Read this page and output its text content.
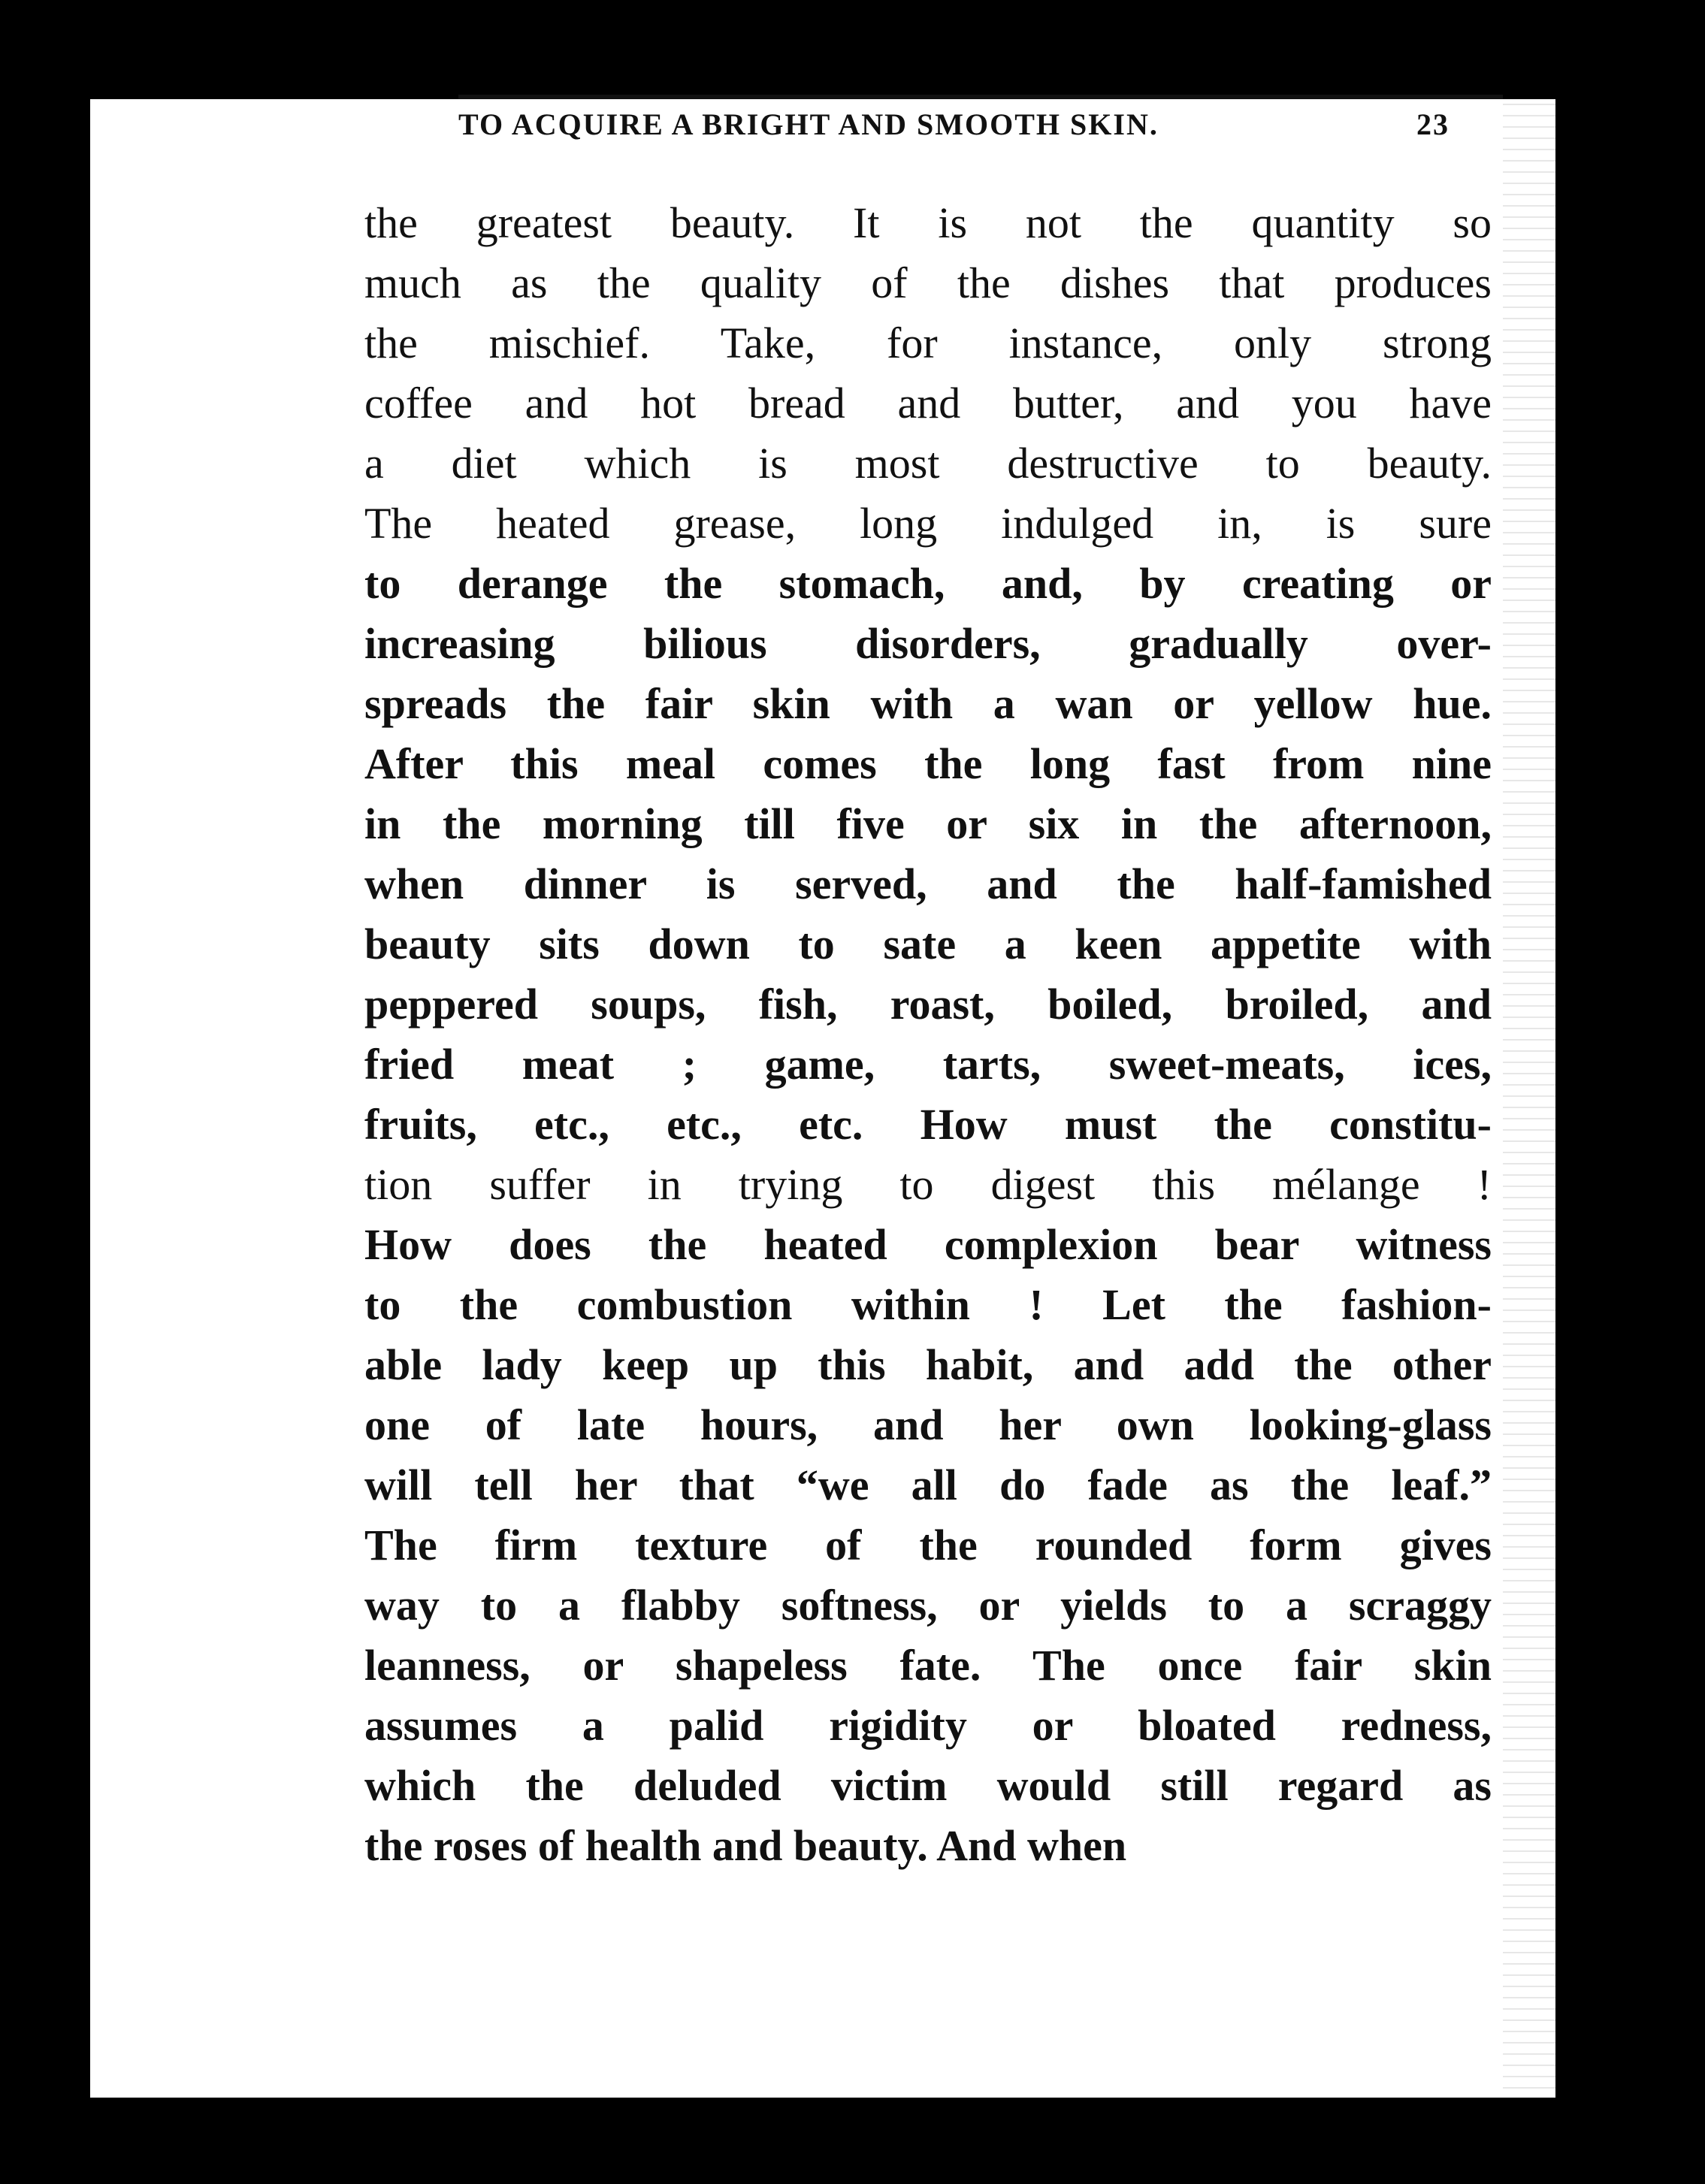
TO ACQUIRE A BRIGHT AND SMOOTH SKIN.	23
the greatest beauty. It is not the quantity so
much as the quality of the dishes that produces
the mischief. Take, for instance, only strong
coffee and hot bread and butter, and you have
a diet which is most destructive to beauty.
The heated grease, long indulged in, is sure
to derange the stomach, and, by creating or
increasing bilious disorders, gradually over-
spreads the fair skin with a wan or yellow hue.
After this meal comes the long fast from nine
in the morning till five or six in the afternoon,
when dinner is served, and the half-famished
beauty sits down to sate a keen appetite with
peppered soups, fish, roast, boiled, broiled, and
fried meat ; game, tarts, sweet-meats, ices,
fruits, etc., etc., etc. How must the constitu-
tion suffer in trying to digest this mélange !
How does the heated complexion bear witness
to the combustion within ! Let the fashion-
able lady keep up this habit, and add the other
one of late hours, and her own looking-glass
will tell her that “we all do fade as the leaf.”
The firm texture of the rounded form gives
way to a flabby softness, or yields to a scraggy
leanness, or shapeless fate. The once fair skin
assumes a palid rigidity or bloated redness,
which the deluded victim would still regard as
the roses of health and beauty. And when
